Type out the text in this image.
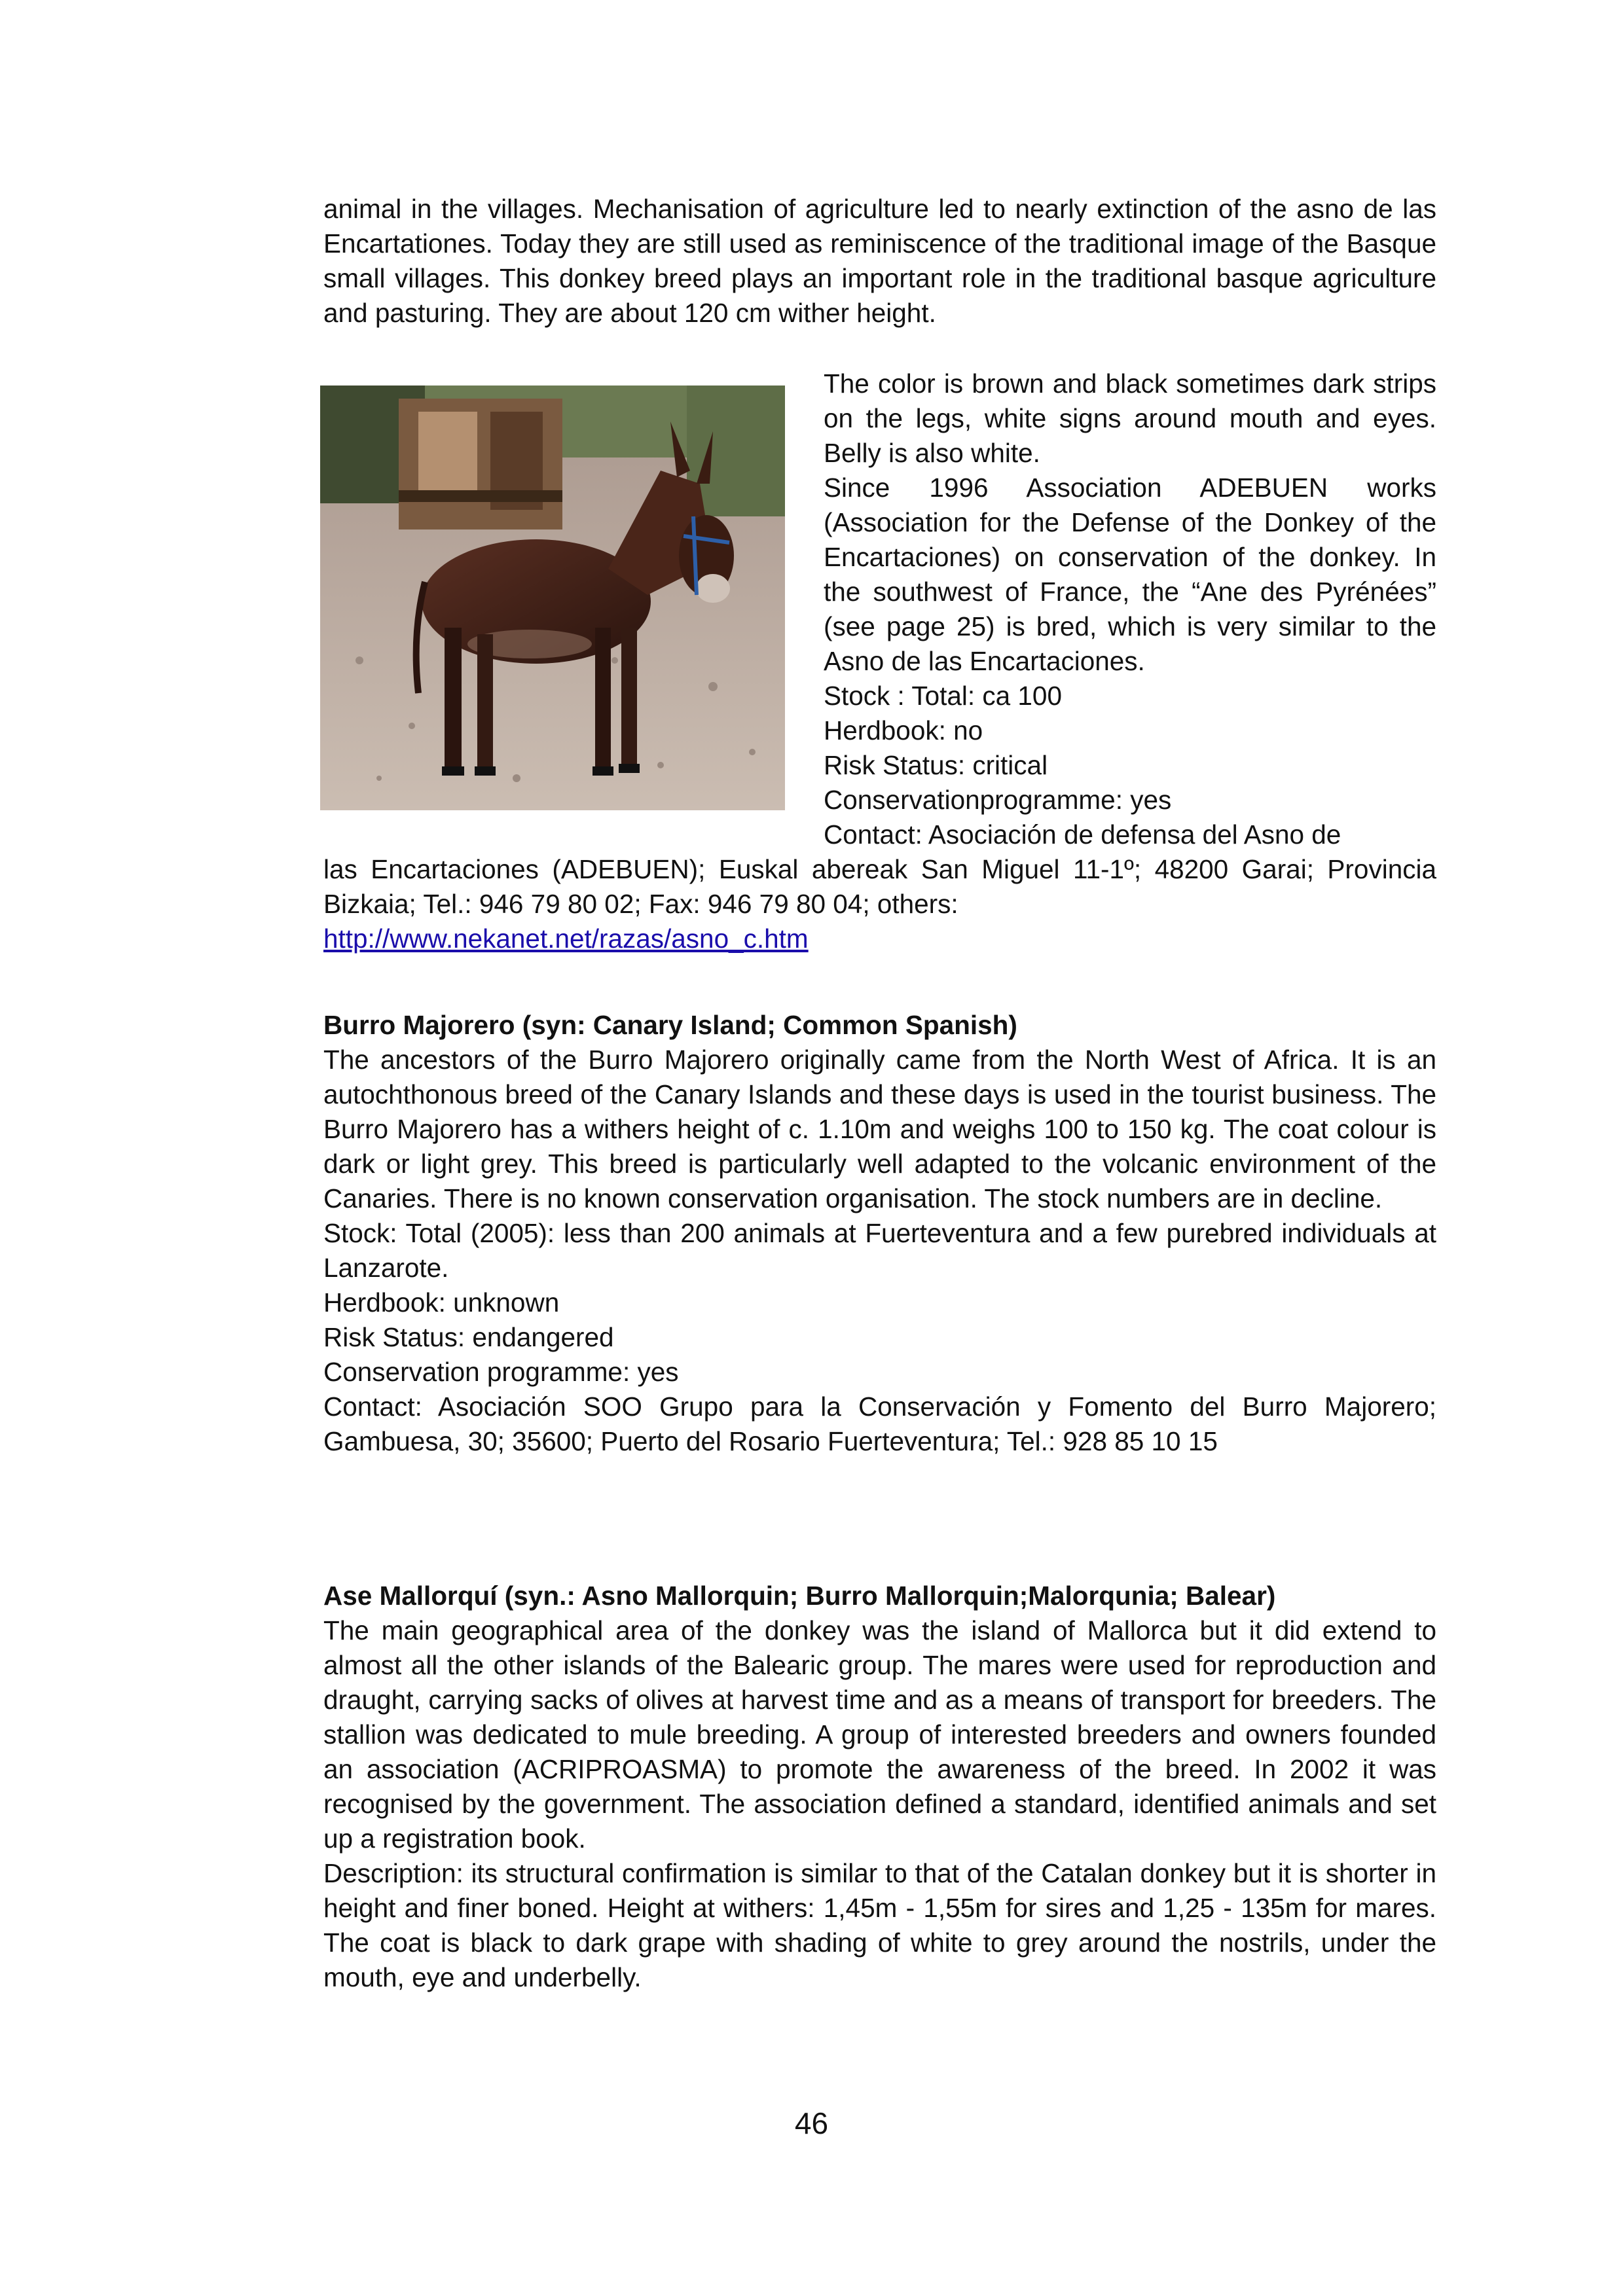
animal in the villages. Mechanisation of agriculture led to nearly extinction of the asno de las Encartationes. Today they are still used as reminiscence of the traditional image of the Basque small villages. This donkey breed plays an important role in the traditional basque agriculture and pasturing. They are about 120 cm wither height.

The color is brown and black sometimes dark strips on the legs, white signs around mouth and eyes. Belly is also white.

Since 1996 Association ADEBUEN works (Association for the Defense of the Donkey of the Encartaciones) on conservation of the donkey. In the southwest of France, the “Ane des Pyrénées” (see page 25) is bred, which is very similar to the Asno de las Encartaciones.

Stock : Total: ca 100

Herdbook: no

Risk Status: critical

Conservationprogramme: yes

Contact: Asociación de defensa del Asno de

las Encartaciones (ADEBUEN); Euskal abereak San Miguel 11-1º; 48200 Garai; Provincia Bizkaia; Tel.: 946 79 80 02; Fax: 946 79 80 04; others:
http://www.nekanet.net/razas/asno_c.htm

Burro Majorero (syn: Canary Island; Common Spanish)

The ancestors of the Burro Majorero originally came from the North West of Africa. It is an autochthonous breed of the Canary Islands and these days is used in the tourist business. The Burro Majorero has a withers height of c. 1.10m and weighs 100 to 150 kg. The coat colour is dark or light grey. This breed is particularly well adapted to the volcanic environment of the Canaries. There is no known conservation organisation. The stock numbers are in decline.

Stock: Total (2005): less than 200 animals at Fuerteventura and a few purebred individuals at Lanzarote.

Herdbook: unknown

Risk Status: endangered

Conservation programme: yes

Contact: Asociación SOO Grupo para la Conservación y Fomento del Burro Majorero; Gambuesa, 30; 35600; Puerto del Rosario Fuerteventura; Tel.: 928 85 10 15

Ase Mallorquí (syn.: Asno Mallorquin; Burro Mallorquin;Malorqunia; Balear)

The main geographical area of the donkey was the island of Mallorca but it did extend to almost all the other islands of the Balearic group. The mares were used for reproduction and draught, carrying sacks of olives at harvest time and as a means of transport for breeders. The stallion was dedicated to mule breeding. A group of interested breeders and owners founded an association (ACRIPROASMA) to promote the awareness of the breed. In 2002 it was recognised by the government. The association defined a standard, identified animals and set up a registration book.

Description: its structural confirmation is similar to that of the Catalan donkey but it is shorter in height and finer boned. Height at withers: 1,45m - 1,55m for sires and 1,25 - 135m for mares. The coat is black to dark grape with shading of white to grey around the nostrils, under the mouth, eye and underbelly.

46
